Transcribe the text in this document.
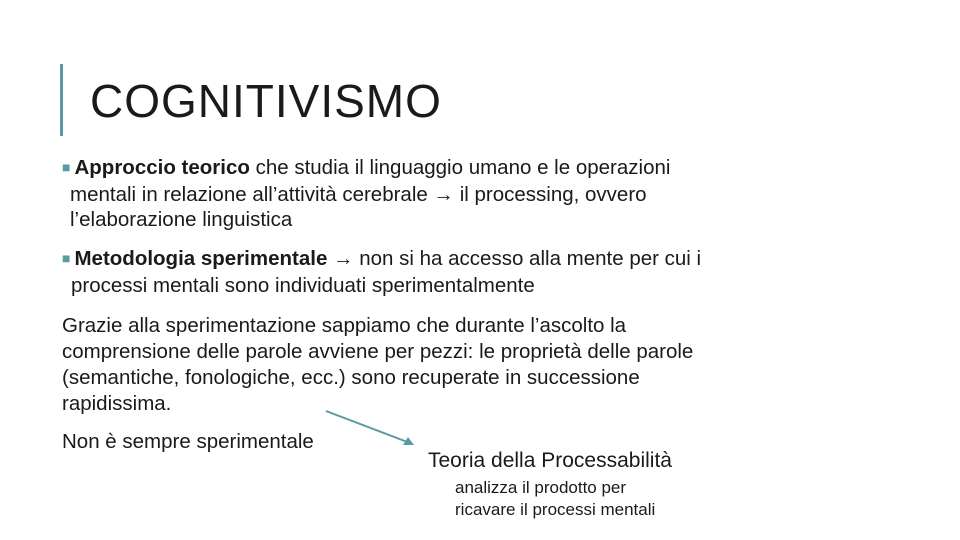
COGNITIVISMO
■ Approccio teorico che studia il linguaggio umano e le operazioni
mentali in relazione all’attività cerebrale → il processing, ovvero
l’elaborazione linguistica
■ Metodologia sperimentale → non si ha accesso alla mente per cui i
processi mentali sono individuati sperimentalmente
Grazie alla sperimentazione sappiamo che durante l’ascolto la
comprensione delle parole avviene per pezzi: le proprietà delle parole
(semantiche, fonologiche, ecc.) sono recuperate in successione
rapidissima.
Non è sempre sperimentale
Teoria della Processabilità
analizza il prodotto per
ricavare il processi mentali
